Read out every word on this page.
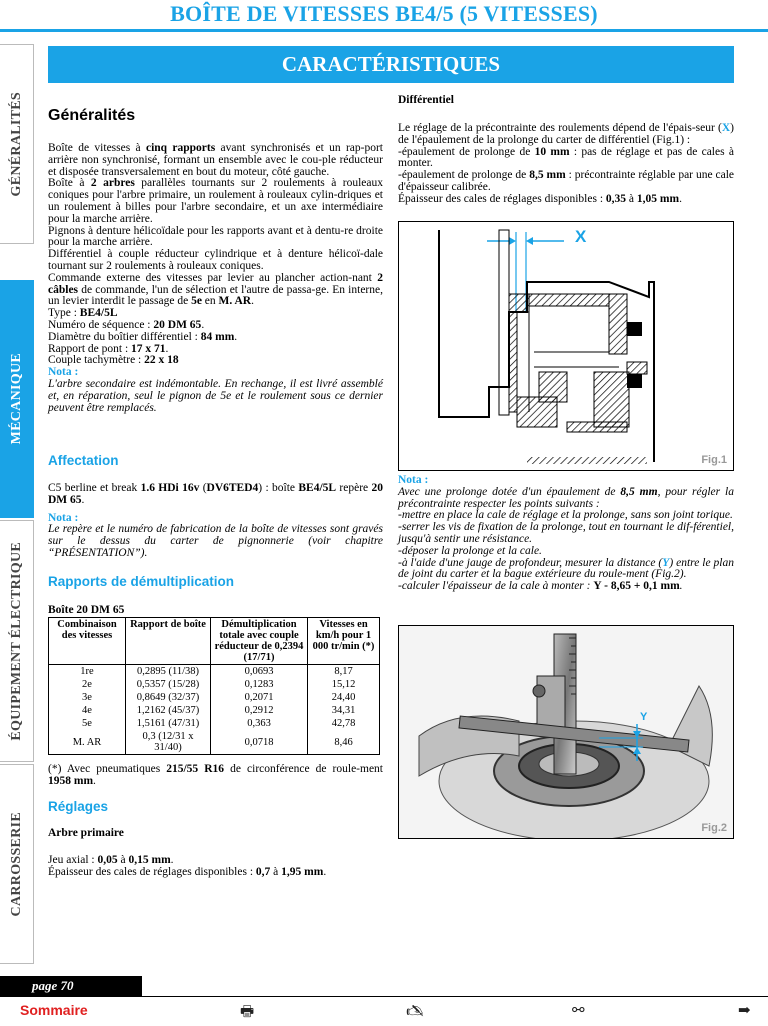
BOÎTE DE VITESSES BE4/5 (5 VITESSES)
GÉNÉRALITÉS
MÉCANIQUE
ÉQUIPEMENT ÉLECTRIQUE
CARROSSERIE
CARACTÉRISTIQUES
Généralités

Boîte de vitesses à cinq rapports avant synchronisés et un rap-port arrière non synchronisé, formant un ensemble avec le cou-ple réducteur et disposée transversalement en bout du moteur, côté gauche.

Boîte à 2 arbres parallèles tournants sur 2 roulements à rouleaux coniques pour l'arbre primaire, un roulement à rouleaux cylin-driques et un roulement à billes pour l'arbre secondaire, et un axe intermédiaire pour la marche arrière.

Pignons à denture hélicoïdale pour les rapports avant et à dentu-re droite pour la marche arrière.

Différentiel à couple réducteur cylindrique et à denture hélicoï-dale tournant sur 2 roulements à rouleaux coniques.

Commande externe des vitesses par levier au plancher action-nant 2 câbles de commande, l'un de sélection et l'autre de passa-ge. En interne, un levier interdit le passage de 5e en M. AR.

Type : BE4/5L

Numéro de séquence : 20 DM 65.

Diamètre du boîtier différentiel : 84 mm.

Rapport de pont : 17 x 71.

Couple tachymètre : 22 x 18

Nota :

L'arbre secondaire est indémontable. En rechange, il est livré assemblé et, en réparation, seul le pignon de 5e et le roulement sous ce dernier peuvent être remplacés.

Affectation

C5 berline et break 1.6 HDi 16v (DV6TED4) : boîte BE4/5L repère 20 DM 65.

Nota :

Le repère et le numéro de fabrication de la boîte de vitesses sont gravés sur le dessus du carter de pignonnerie (voir chapitre “PRÉSENTATION”).

Rapports de démultiplication
Boîte 20 DM 65
Combinaison des vitesses	Rapport de boîte	Démultiplication totale avec couple réducteur de 0,2394 (17/71)	Vitesses en km/h pour 1 000 tr/min (*)
1re	0,2895 (11/38)	0,0693	8,17
2e	0,5357 (15/28)	0,1283	15,12
3e	0,8649 (32/37)	0,2071	24,40
4e	1,2162 (45/37)	0,2912	34,31
5e	1,5161 (47/31)	0,363	42,78
M. AR	0,3 (12/31 x 31/40)	0,0718	8,46

(*) Avec pneumatiques 215/55 R16 de circonférence de roule-ment 1958 mm.

Réglages
Arbre primaire

Jeu axial : 0,05 à 0,15 mm.

Épaisseur des cales de réglages disponibles : 0,7 à 1,95 mm.

Différentiel

Le réglage de la précontrainte des roulements dépend de l'épais-seur (X) de l'épaulement de la prolonge du carter de différentiel (Fig.1) :

-épaulement de prolonge de 10 mm : pas de réglage et pas de cales à monter.

-épaulement de prolonge de 8,5 mm : précontrainte réglable par une cale d'épaisseur calibrée.

Épaisseur des cales de réglages disponibles : 0,35 à 1,05 mm.

X
Fig.1

Nota :

Avec une prolonge dotée d'un épaulement de 8,5 mm, pour régler la précontrainte respecter les points suivants :

-mettre en place la cale de réglage et la prolonge, sans son joint torique.

-serrer les vis de fixation de la prolonge, tout en tournant le dif-férentiel, jusqu'à sentir une résistance.

-déposer la prolonge et la cale.

-à l'aide d'une jauge de profondeur, mesurer la distance (Y) entre le plan de joint du carter et la bague extérieure du roule-ment (Fig.2).

-calculer l'épaisseur de la cale à monter : Y - 8,65 + 0,1 mm.

Y
Fig.2
page 70
Sommaire	🖶	🖎	⚯	➡
